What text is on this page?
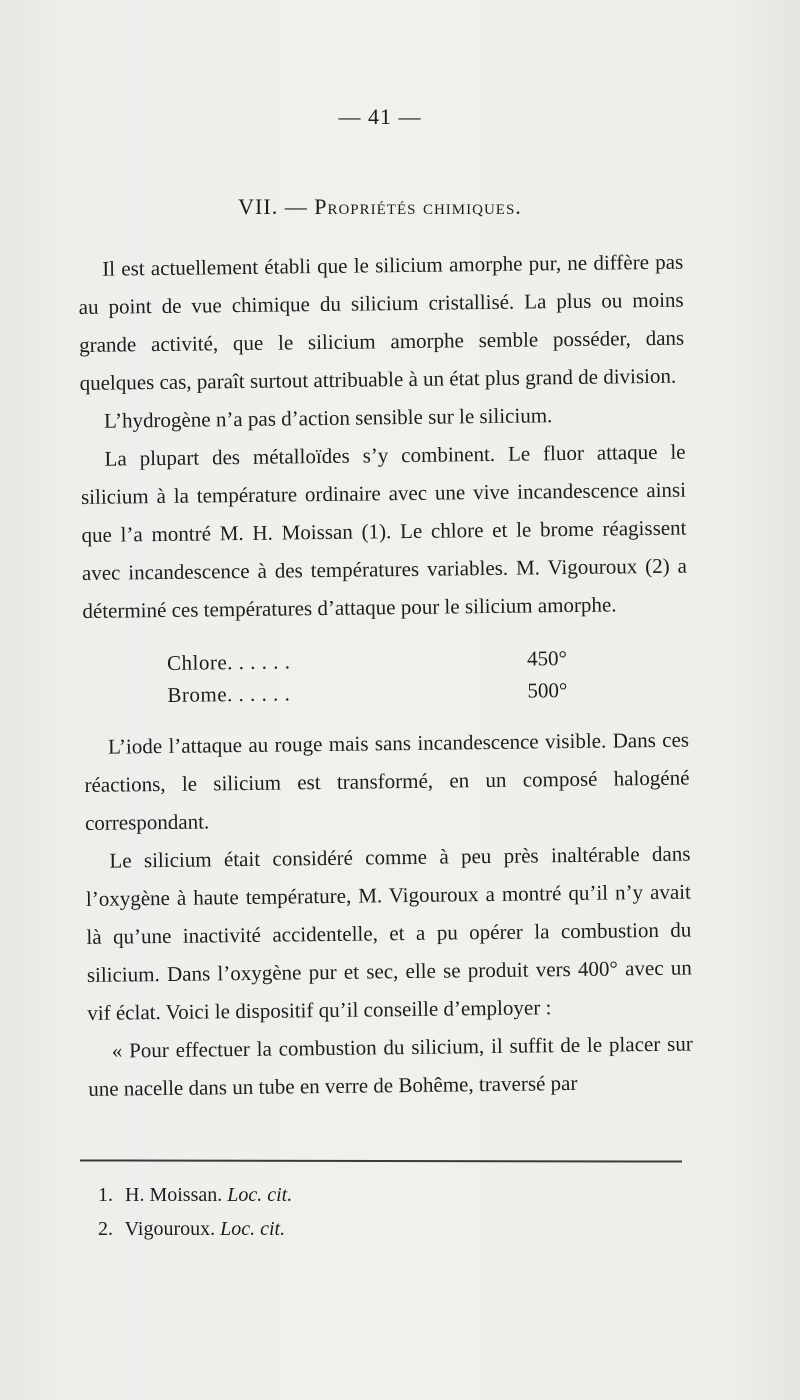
— 41 —
VII. — Propriétés chimiques.

Il est actuellement établi que le silicium amorphe pur, ne diffère pas au point de vue chimique du silicium cristallisé. La plus ou moins grande activité, que le silicium amorphe semble posséder, dans quelques cas, paraît surtout attribuable à un état plus grand de division.

L’hydrogène n’a pas d’action sensible sur le silicium.

La plupart des métalloïdes s’y combinent. Le fluor attaque le silicium à la température ordinaire avec une vive incandescence ainsi que l’a montré M. H. Moissan (1). Le chlore et le brome réagissent avec incandescence à des températures variables. M. Vigouroux (2) a déterminé ces températures d’attaque pour le silicium amorphe.

Chlore. . . . . .	450°
Brome. . . . . .	500°

L’iode l’attaque au rouge mais sans incandescence visible. Dans ces réactions, le silicium est transformé, en un composé halogéné correspondant.

Le silicium était considéré comme à peu près inaltérable dans l’oxygène à haute température, M. Vigouroux a montré qu’il n’y avait là qu’une inactivité accidentelle, et a pu opérer la combustion du silicium. Dans l’oxygène pur et sec, elle se produit vers 400° avec un vif éclat. Voici le dispositif qu’il conseille d’employer :

« Pour effectuer la combustion du silicium, il suffit de le placer sur une nacelle dans un tube en verre de Bohême, traversé par

1. H. Moissan. Loc. cit.
2. Vigouroux. Loc. cit.
